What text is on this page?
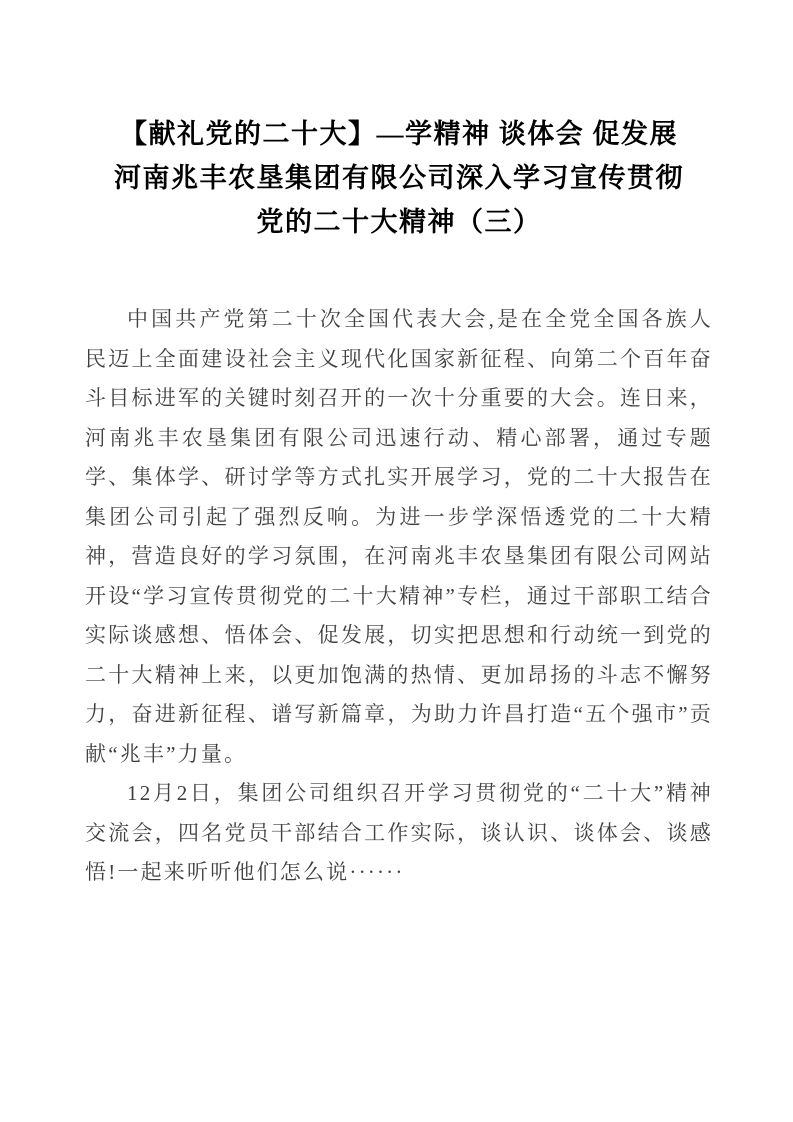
【献礼党的二十大】—学精神 谈体会 促发展
河南兆丰农垦集团有限公司深入学习宣传贯彻
党的二十大精神（三）

中国共产党第二十次全国代表大会,是在全党全国各族人民迈上全面建设社会主义现代化国家新征程、向第二个百年奋斗目标进军的关键时刻召开的一次十分重要的大会。连日来，河南兆丰农垦集团有限公司迅速行动、精心部署，通过专题学、集体学、研讨学等方式扎实开展学习，党的二十大报告在集团公司引起了强烈反响。为进一步学深悟透党的二十大精神，营造良好的学习氛围，在河南兆丰农垦集团有限公司网站开设“学习宣传贯彻党的二十大精神”专栏，通过干部职工结合实际谈感想、悟体会、促发展，切实把思想和行动统一到党的二十大精神上来，以更加饱满的热情、更加昂扬的斗志不懈努力，奋进新征程、谱写新篇章，为助力许昌打造“五个强市”贡献“兆丰”力量。

12月2日，集团公司组织召开学习贯彻党的“二十大”精神交流会，四名党员干部结合工作实际，谈认识、谈体会、谈感悟!一起来听听他们怎么说······
